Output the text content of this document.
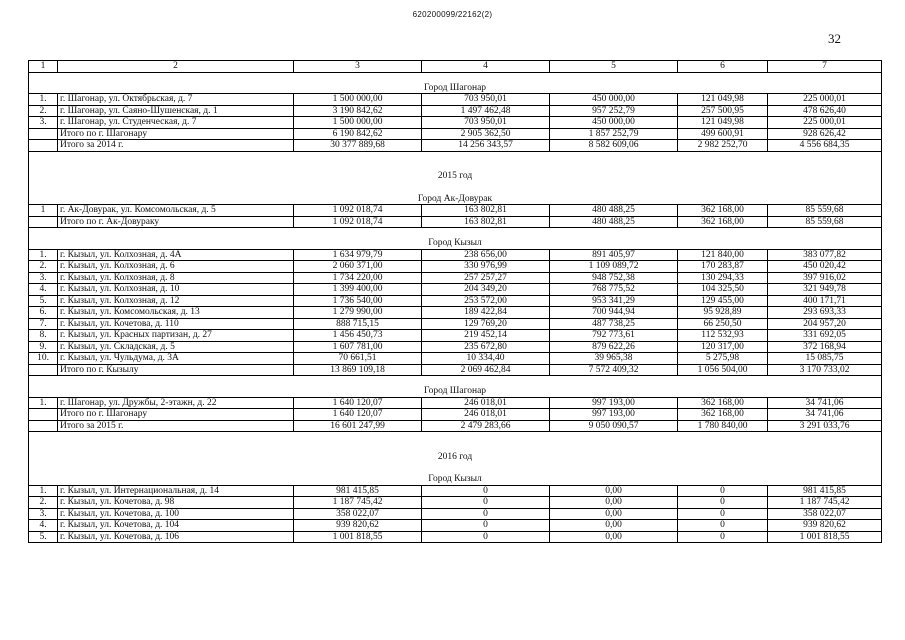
620200099/22162(2)
32
1	2	3	4	5	6	7

Город Шагонар						
1.	г. Шагонар, ул. Октябрьская, д. 7	1 500 000,00	703 950,01	450 000,00	121 049,98	225 000,01
2.	г. Шагонар, ул. Саяно-Шушенская, д. 1	3 190 842,62	1 497 462,48	957 252,79	257 500,95	478 626,40
3.	г. Шагонар, ул. Студенческая, д. 7	1 500 000,00	703 950,01	450 000,00	121 049,98	225 000,01
	Итого по г. Шагонару	6 190 842,62	2 905 362,50	1 857 252,79	499 600,91	928 626,42
	Итого за 2014 г.	30 377 889,68	14 256 343,57	8 582 609,06	2 982 252,70	4 556 684,35

2015 год						

Город Ак-Довурак						
1	г. Ак-Довурак, ул. Комсомольская, д. 5	1 092 018,74	163 802,81	480 488,25	362 168,00	85 559,68
	Итого по г. Ак-Довураку	1 092 018,74	163 802,81	480 488,25	362 168,00	85 559,68

Город Кызыл						
1.	г. Кызыл, ул. Колхозная, д. 4А	1 634 979,79	238 656,00	891 405,97	121 840,00	383 077,82
2.	г. Кызыл, ул. Колхозная, д. 6	2 060 371,00	330 976,99	1 109 089,72	170 283,87	450 020,42
3.	г. Кызыл, ул. Колхозная, д. 8	1 734 220,00	257 257,27	948 752,38	130 294,33	397 916,02
4.	г. Кызыл, ул. Колхозная, д. 10	1 399 400,00	204 349,20	768 775,52	104 325,50	321 949,78
5.	г. Кызыл, ул. Колхозная, д. 12	1 736 540,00	253 572,00	953 341,29	129 455,00	400 171,71
6.	г. Кызыл, ул. Комсомольская, д. 13	1 279 990,00	189 422,84	700 944,94	95 928,89	293 693,33
7.	г. Кызыл, ул. Кочетова, д. 110	888 715,15	129 769,20	487 738,25	66 250,50	204 957,20
8.	г. Кызыл, ул. Красных партизан, д. 27	1 456 450,73	219 452,14	792 773,61	112 532,93	331 692,05
9.	г. Кызыл, ул. Складская, д. 5	1 607 781,00	235 672,80	879 622,26	120 317,00	372 168,94
10.	г. Кызыл, ул. Чульдума, д. 3А	70 661,51	10 334,40	39 965,38	5 275,98	15 085,75
	Итого по г. Кызылу	13 869 109,18	2 069 462,84	7 572 409,32	1 056 504,00	3 170 733,02

Город Шагонар						
1.	г. Шагонар, ул. Дружбы, 2-этажн, д. 22	1 640 120,07	246 018,01	997 193,00	362 168,00	34 741,06
	Итого по г. Шагонару	1 640 120,07	246 018,01	997 193,00	362 168,00	34 741,06
	Итого за 2015 г.	16 601 247,99	2 479 283,66	9 050 090,57	1 780 840,00	3 291 033,76

2016 год						

Город Кызыл						
1.	г. Кызыл, ул. Интернациональная, д. 14	981 415,85	0	0,00	0	981 415,85
2.	г. Кызыл, ул. Кочетова, д. 98	1 187 745,42	0	0,00	0	1 187 745,42
3.	г. Кызыл, ул. Кочетова, д. 100	358 022,07	0	0,00	0	358 022,07
4.	г. Кызыл, ул. Кочетова, д. 104	939 820,62	0	0,00	0	939 820,62
5.	г. Кызыл, ул. Кочетова, д. 106	1 001 818,55	0	0,00	0	1 001 818,55
